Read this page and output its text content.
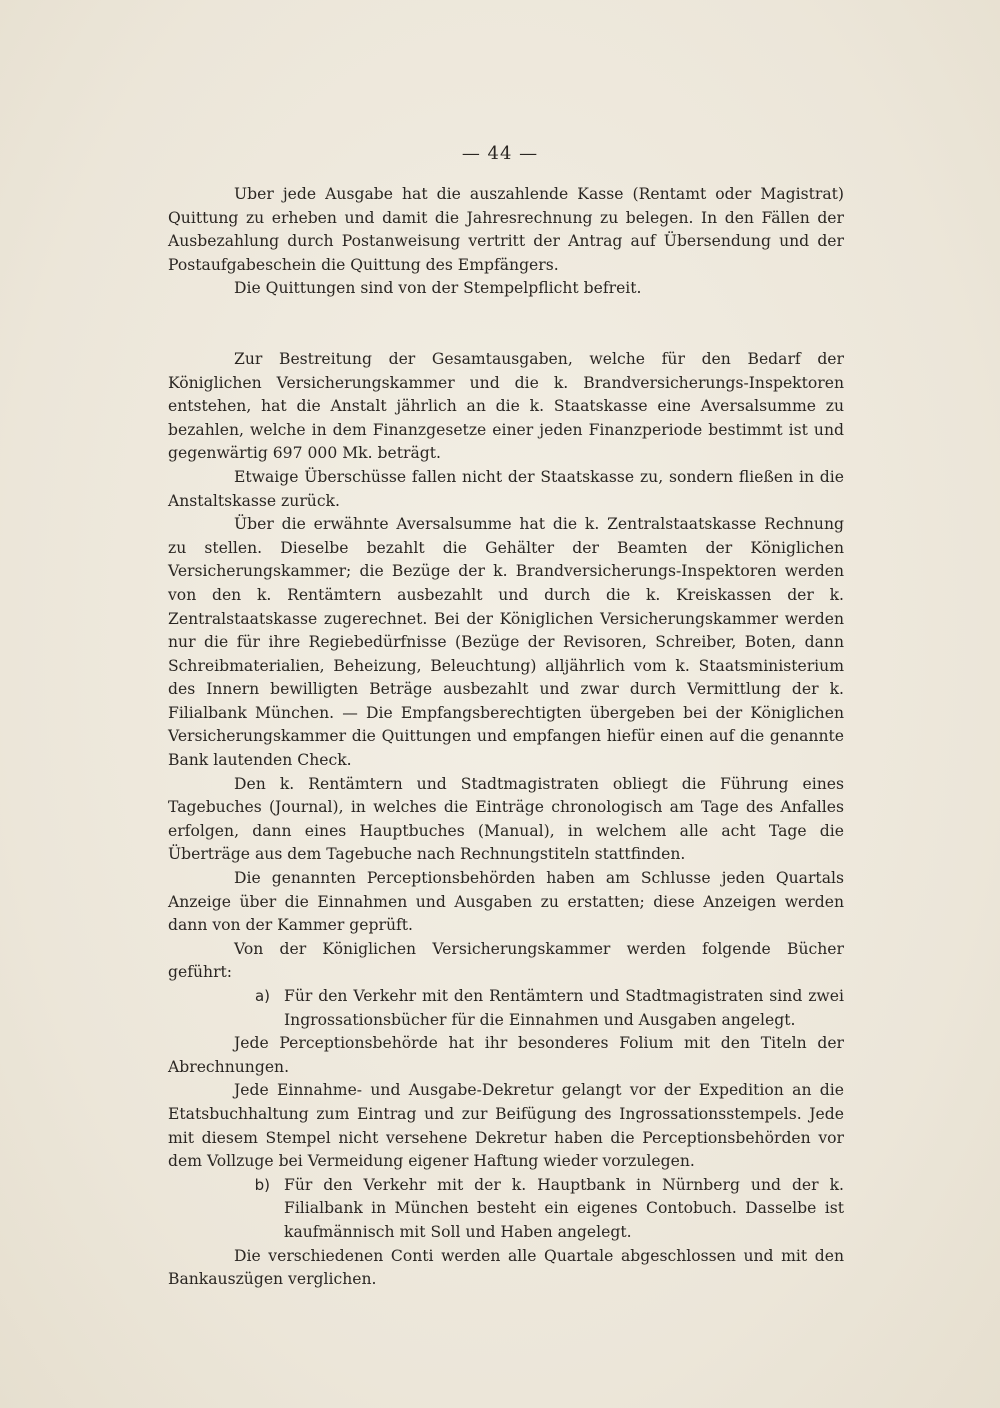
— 44 —

Uber jede Ausgabe hat die auszahlende Kasse (Rentamt oder Magistrat) Quittung zu erheben und damit die Jahresrechnung zu belegen. In den Fällen der Ausbezahlung durch Postanweisung vertritt der Antrag auf Übersendung und der Postaufgabeschein die Quittung des Empfängers.

Die Quittungen sind von der Stempelpflicht befreit.

Zur Bestreitung der Gesamtausgaben, welche für den Bedarf der Königlichen Versicherungskammer und die k. Brandversicherungs-Inspektoren entstehen, hat die Anstalt jährlich an die k. Staatskasse eine Aversalsumme zu bezahlen, welche in dem Finanzgesetze einer jeden Finanzperiode bestimmt ist und gegenwärtig 697 000 Mk. beträgt.

Etwaige Überschüsse fallen nicht der Staatskasse zu, sondern fließen in die Anstaltskasse zurück.

Über die erwähnte Aversalsumme hat die k. Zentralstaatskasse Rechnung zu stellen. Dieselbe bezahlt die Gehälter der Beamten der Königlichen Versicherungskammer; die Bezüge der k. Brandversicherungs-Inspektoren werden von den k. Rentämtern ausbezahlt und durch die k. Kreiskassen der k. Zentralstaatskasse zugerechnet. Bei der Königlichen Versicherungskammer werden nur die für ihre Regiebedürfnisse (Bezüge der Revisoren, Schreiber, Boten, dann Schreibmaterialien, Beheizung, Beleuchtung) alljährlich vom k. Staatsministerium des Innern bewilligten Beträge ausbezahlt und zwar durch Vermittlung der k. Filialbank München. — Die Empfangsberechtigten übergeben bei der Königlichen Versicherungskammer die Quittungen und empfangen hiefür einen auf die genannte Bank lautenden Check.

Den k. Rentämtern und Stadtmagistraten obliegt die Führung eines Tagebuches (Journal), in welches die Einträge chronologisch am Tage des Anfalles erfolgen, dann eines Hauptbuches (Manual), in welchem alle acht Tage die Überträge aus dem Tagebuche nach Rechnungstiteln stattfinden.

Die genannten Perceptionsbehörden haben am Schlusse jeden Quartals Anzeige über die Einnahmen und Ausgaben zu erstatten; diese Anzeigen werden dann von der Kammer geprüft.

Von der Königlichen Versicherungskammer werden folgende Bücher geführt:

a) Für den Verkehr mit den Rentämtern und Stadtmagistraten sind zwei Ingrossationsbücher für die Einnahmen und Ausgaben angelegt.

Jede Perceptionsbehörde hat ihr besonderes Folium mit den Titeln der Abrechnungen.

Jede Einnahme- und Ausgabe-Dekretur gelangt vor der Expedition an die Etatsbuchhaltung zum Eintrag und zur Beifügung des Ingrossationsstempels. Jede mit diesem Stempel nicht versehene Dekretur haben die Perceptionsbehörden vor dem Vollzuge bei Vermeidung eigener Haftung wieder vorzulegen.

b) Für den Verkehr mit der k. Hauptbank in Nürnberg und der k. Filialbank in München besteht ein eigenes Contobuch. Dasselbe ist kaufmännisch mit Soll und Haben angelegt.

Die verschiedenen Conti werden alle Quartale abgeschlossen und mit den Bankauszügen verglichen.
